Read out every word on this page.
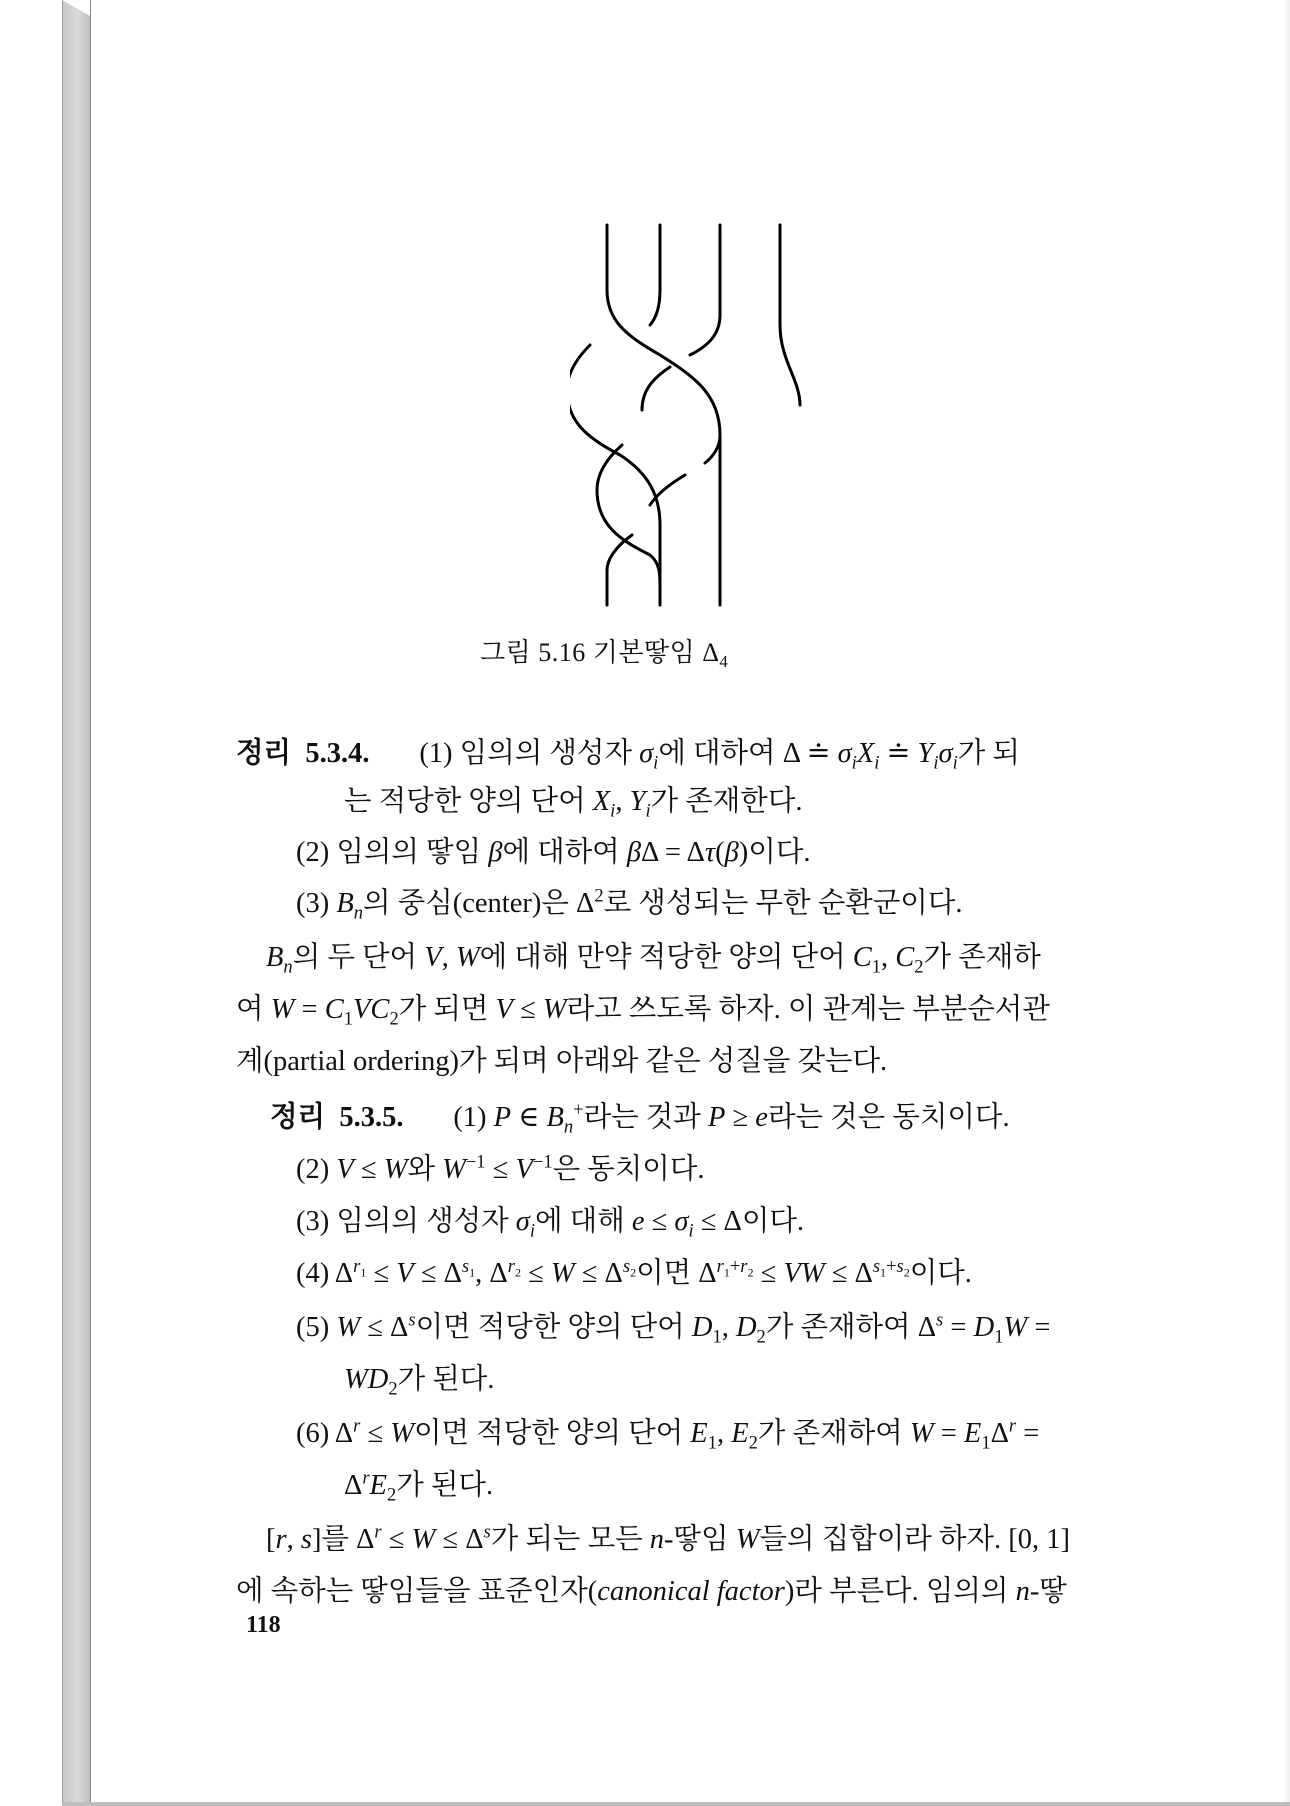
그림 5.16 기본땋임 $\Delta_4$
정리 5.3.4. (1) 임의의 생성자 $\sigma_i$에 대하여 Δ ≐ $\sigma_iX_i$ ≐ $Y_i\sigma_i$가 되
는 적당한 양의 단어 $X_i$, $Y_i$가 존재한다.
(2) 임의의 땋임 β에 대하여 βΔ = Δτ(β)이다.
(3) $B_n$의 중심(center)은 $\Delta^2$로 생성되는 무한 순환군이다.
$B_n$의 두 단어 V, W에 대해 만약 적당한 양의 단어 $C_1$, $C_2$가 존재하
여 $W = C_1VC_2$가 되면 V ≤ W라고 쓰도록 하자. 이 관계는 부분순서관
계(partial ordering)가 되며 아래와 같은 성질을 갖는다.
정리 5.3.5. (1) P ∈ $B_n^+$라는 것과 P ≥ e라는 것은 동치이다.
(2) V ≤ W와 $W^{-1} \le V^{-1}$은 동치이다.
(3) 임의의 생성자 $\sigma_i$에 대해 $e \le \sigma_i \le \Delta$이다.
(4) $\Delta^{r_1} \le V \le \Delta^{s_1}$, $\Delta^{r_2} \le W \le \Delta^{s_2}$이면 $\Delta^{r_1+r_2}$ ≤ VW ≤ $\Delta^{s_1+s_2}$이다.
(5) $W \le \Delta^s$이면 적당한 양의 단어 $D_1$, $D_2$가 존재하여 $\Delta^s = D_1W$ =
$WD_2$가 된다.
(6) $\Delta^r \le W$이면 적당한 양의 단어 $E_1$, $E_2$가 존재하여 $W = E_1\Delta^r$ =
$\Delta^rE_2$가 된다.
[r, s]를 $\Delta^r \le W \le \Delta^s$가 되는 모든 n-땋임 W들의 집합이라 하자. [0, 1]
에 속하는 땋임들을 표준인자(canonical factor)라 부른다. 임의의 n-땋
118
